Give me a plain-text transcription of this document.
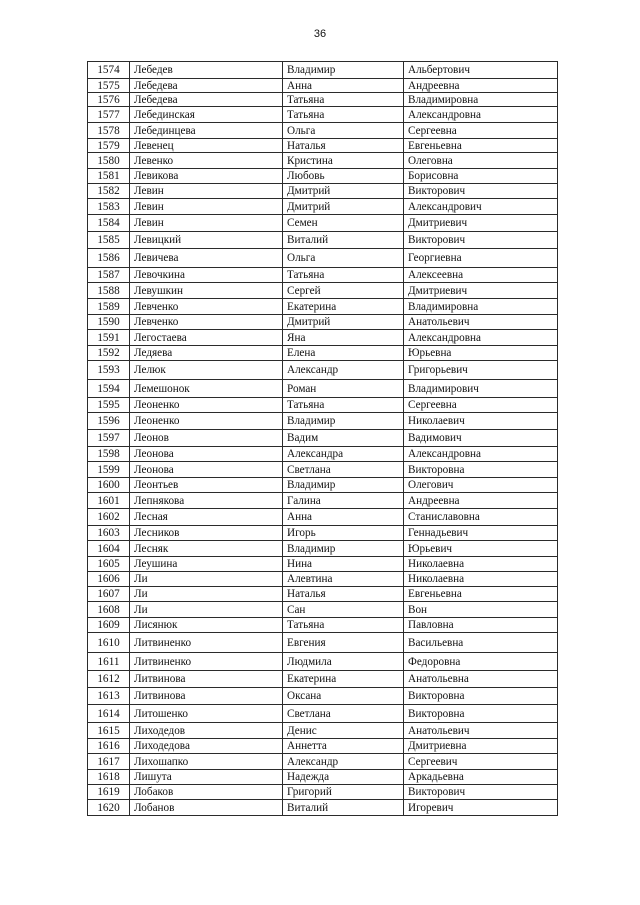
36
1574	Лебедев	Владимир	Альбертович
1575	Лебедева	Анна	Андреевна
1576	Лебедева	Татьяна	Владимировна
1577	Лебединская	Татьяна	Александровна
1578	Лебединцева	Ольга	Сергеевна
1579	Левенец	Наталья	Евгеньевна
1580	Левенко	Кристина	Олеговна
1581	Левикова	Любовь	Борисовна
1582	Левин	Дмитрий	Викторович
1583	Левин	Дмитрий	Александрович
1584	Левин	Семен	Дмитриевич
1585	Левицкий	Виталий	Викторович
1586	Левичева	Ольга	Георгиевна
1587	Левочкина	Татьяна	Алексеевна
1588	Левушкин	Сергей	Дмитриевич
1589	Левченко	Екатерина	Владимировна
1590	Левченко	Дмитрий	Анатольевич
1591	Легостаева	Яна	Александровна
1592	Ледяева	Елена	Юрьевна
1593	Лелюк	Александр	Григорьевич
1594	Лемешонок	Роман	Владимирович
1595	Леоненко	Татьяна	Сергеевна
1596	Леоненко	Владимир	Николаевич
1597	Леонов	Вадим	Вадимович
1598	Леонова	Александра	Александровна
1599	Леонова	Светлана	Викторовна
1600	Леонтьев	Владимир	Олегович
1601	Лепнякова	Галина	Андреевна
1602	Лесная	Анна	Станиславовна
1603	Лесников	Игорь	Геннадьевич
1604	Лесняк	Владимир	Юрьевич
1605	Леушина	Нина	Николаевна
1606	Ли	Алевтина	Николаевна
1607	Ли	Наталья	Евгеньевна
1608	Ли	Сан	Вон
1609	Лисянюк	Татьяна	Павловна
1610	Литвиненко	Евгения	Васильевна
1611	Литвиненко	Людмила	Федоровна
1612	Литвинова	Екатерина	Анатольевна
1613	Литвинова	Оксана	Викторовна
1614	Литошенко	Светлана	Викторовна
1615	Лиходедов	Денис	Анатольевич
1616	Лиходедова	Аннетта	Дмитриевна
1617	Лихошапко	Александр	Сергеевич
1618	Лишута	Надежда	Аркадьевна
1619	Лобаков	Григорий	Викторович
1620	Лобанов	Виталий	Игоревич
